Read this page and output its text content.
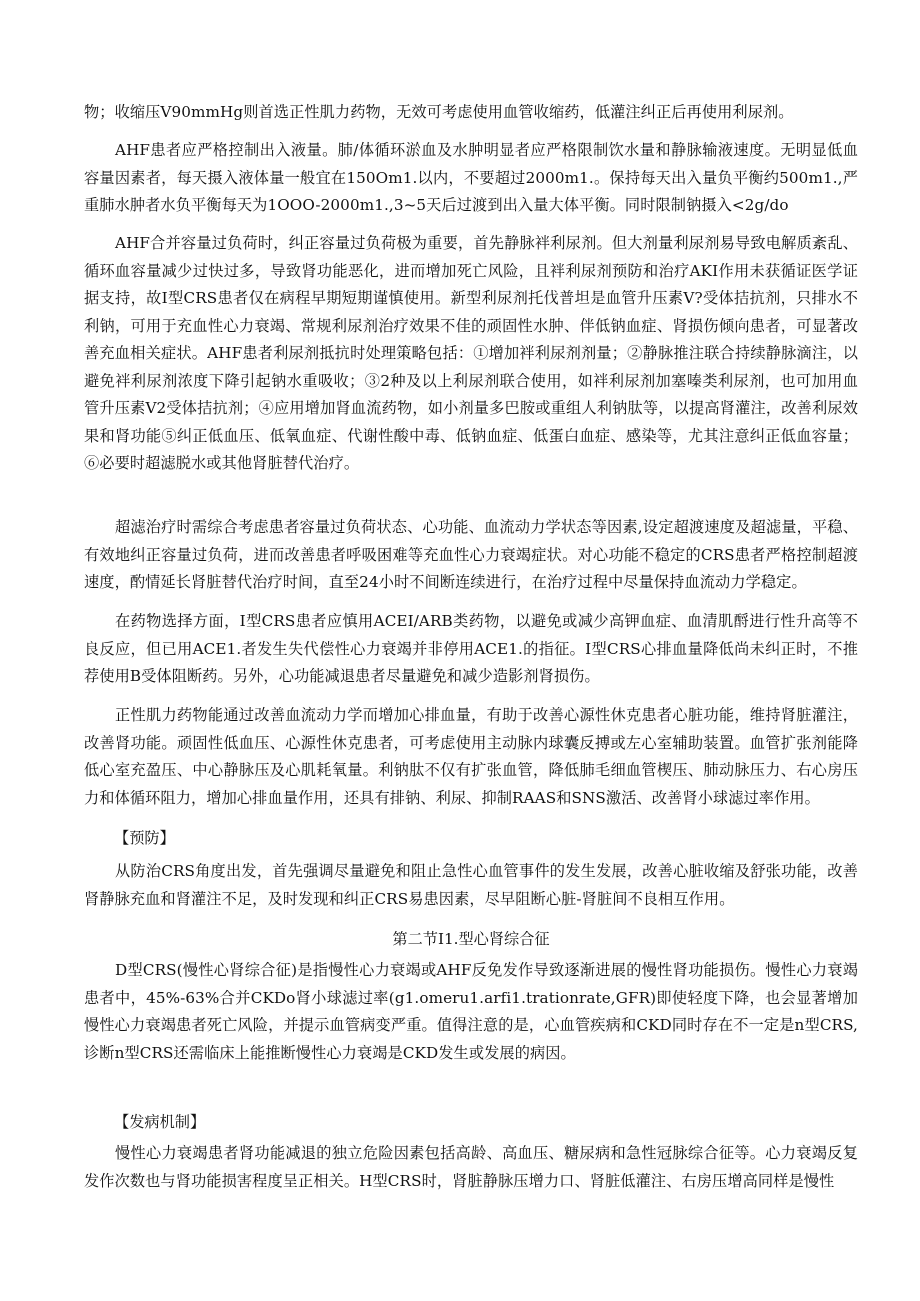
物；收缩压V90mmHg则首选正性肌力药物，无效可考虑使用血管收缩药，低灌注纠正后再使用利尿剂。

AHF患者应严格控制出入液量。肺/体循环淤血及水肿明显者应严格限制饮水量和静脉输液速度。无明显低血容量因素者，每天摄入液体量一般宜在150Om1.以内，不要超过2000m1.。保持每天出入量负平衡约500m1.,严重肺水肿者水负平衡每天为1OOO-2000m1.,3~5天后过渡到出入量大体平衡。同时限制钠摄入<2g/do

AHF合并容量过负荷时，纠正容量过负荷极为重要，首先静脉袢利尿剂。但大剂量利尿剂易导致电解质紊乱、循环血容量减少过快过多，导致肾功能恶化，进而增加死亡风险，且袢利尿剂预防和治疗AKI作用未获循证医学证据支持，故I型CRS患者仅在病程早期短期谨慎使用。新型利尿剂托伐普坦是血管升压素V?受体拮抗剂，只排水不利钠，可用于充血性心力衰竭、常规利尿剂治疗效果不佳的顽固性水肿、伴低钠血症、肾损伤倾向患者，可显著改善充血相关症状。AHF患者利尿剂抵抗时处理策略包括：①增加袢利尿剂剂量；②静脉推注联合持续静脉滴注，以避免袢利尿剂浓度下降引起钠水重吸收；③2种及以上利尿剂联合使用，如袢利尿剂加塞嗪类利尿剂，也可加用血管升压素V2受体拮抗剂；④应用增加肾血流药物，如小剂量多巴胺或重组人利钠肽等，以提高肾灌注，改善利尿效果和肾功能⑤纠正低血压、低氧血症、代谢性酸中毒、低钠血症、低蛋白血症、感染等，尤其注意纠正低血容量；⑥必要时超滤脱水或其他肾脏替代治疗。

超滤治疗时需综合考虑患者容量过负荷状态、心功能、血流动力学状态等因素,设定超渡速度及超滤量，平稳、有效地纠正容量过负荷，进而改善患者呼吸困难等充血性心力衰竭症状。对心功能不稳定的CRS患者严格控制超渡速度，酌情延长肾脏替代治疗时间，直至24小时不间断连续进行，在治疗过程中尽量保持血流动力学稳定。

在药物选择方面，I型CRS患者应慎用ACEI/ARB类药物，以避免或减少高钾血症、血清肌酹进行性升高等不良反应，但已用ACE1.者发生失代偿性心力衰竭并非停用ACE1.的指征。I型CRS心排血量降低尚未纠正时，不推荐使用B受体阻断药。另外，心功能减退患者尽量避免和减少造影剂肾损伤。

正性肌力药物能通过改善血流动力学而增加心排血量，有助于改善心源性休克患者心脏功能，维持肾脏灌注，改善肾功能。顽固性低血压、心源性休克患者，可考虑使用主动脉内球囊反搏或左心室辅助装置。血管扩张剂能降低心室充盈压、中心静脉压及心肌耗氧量。利钠肽不仅有扩张血管，降低肺毛细血管楔压、肺动脉压力、右心房压力和体循环阻力，增加心排血量作用，还具有排钠、利尿、抑制RAAS和SNS激活、改善肾小球滤过率作用。

【预防】

从防治CRS角度出发，首先强调尽量避免和阻止急性心血管事件的发生发展，改善心脏收缩及舒张功能，改善肾静脉充血和肾灌注不足，及时发现和纠正CRS易患因素，尽早阻断心脏-肾脏间不良相互作用。

第二节I1.型心肾综合征

D型CRS(慢性心肾综合征)是指慢性心力衰竭或AHF反免发作导致逐渐进展的慢性肾功能损伤。慢性心力衰竭患者中，45%-63%合并CKDo肾小球滤过率(g1.omeru1.arfi1.trationrate,GFR)即使轻度下降，也会显著增加慢性心力衰竭患者死亡风险，并提示血管病变严重。值得注意的是，心血管疾病和CKD同时存在不一定是n型CRS,诊断n型CRS还需临床上能推断慢性心力衰竭是CKD发生或发展的病因。

【发病机制】

慢性心力衰竭患者肾功能减退的独立危险因素包括高龄、高血压、糖尿病和急性冠脉综合征等。心力衰竭反复发作次数也与肾功能损害程度呈正相关。H型CRS时，肾脏静脉压增力口、肾脏低灌注、右房压增高同样是慢性
